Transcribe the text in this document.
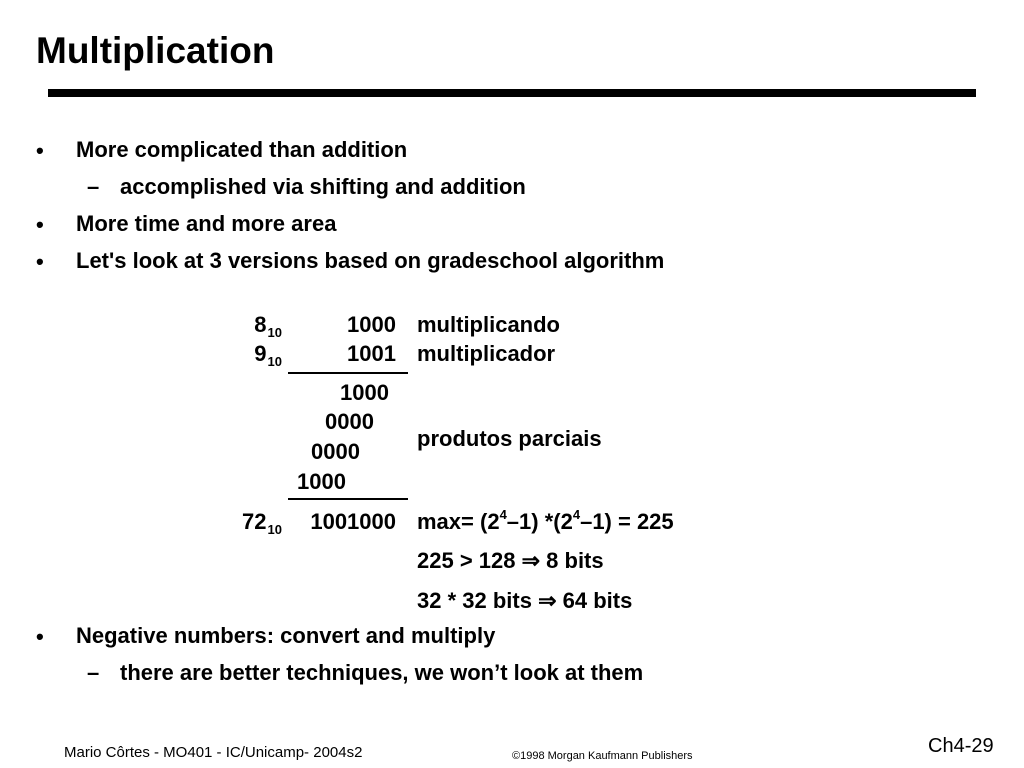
Multiplication
• More complicated than addition
– accomplished via shifting and addition
• More time and more area
• Let's look at 3 versions based on gradeschool algorithm
$8_{10}$	1000 multiplicando
$9_{10}$	1001 multiplicador
1000
0000
0000
1000
produtos parciais
$72_{10}$	1001000 $\max= (2^4-1) *(2^4-1) = 225$
225 > 128 ⇒ 8 bits
32 * 32 bits ⇒ 64 bits
• Negative numbers: convert and multiply
– there are better techniques, we won’t look at them
Mario Côrtes - MO401 - IC/Unicamp- 2004s2	©1998 Morgan Kaufmann Publishers	Ch4-29
